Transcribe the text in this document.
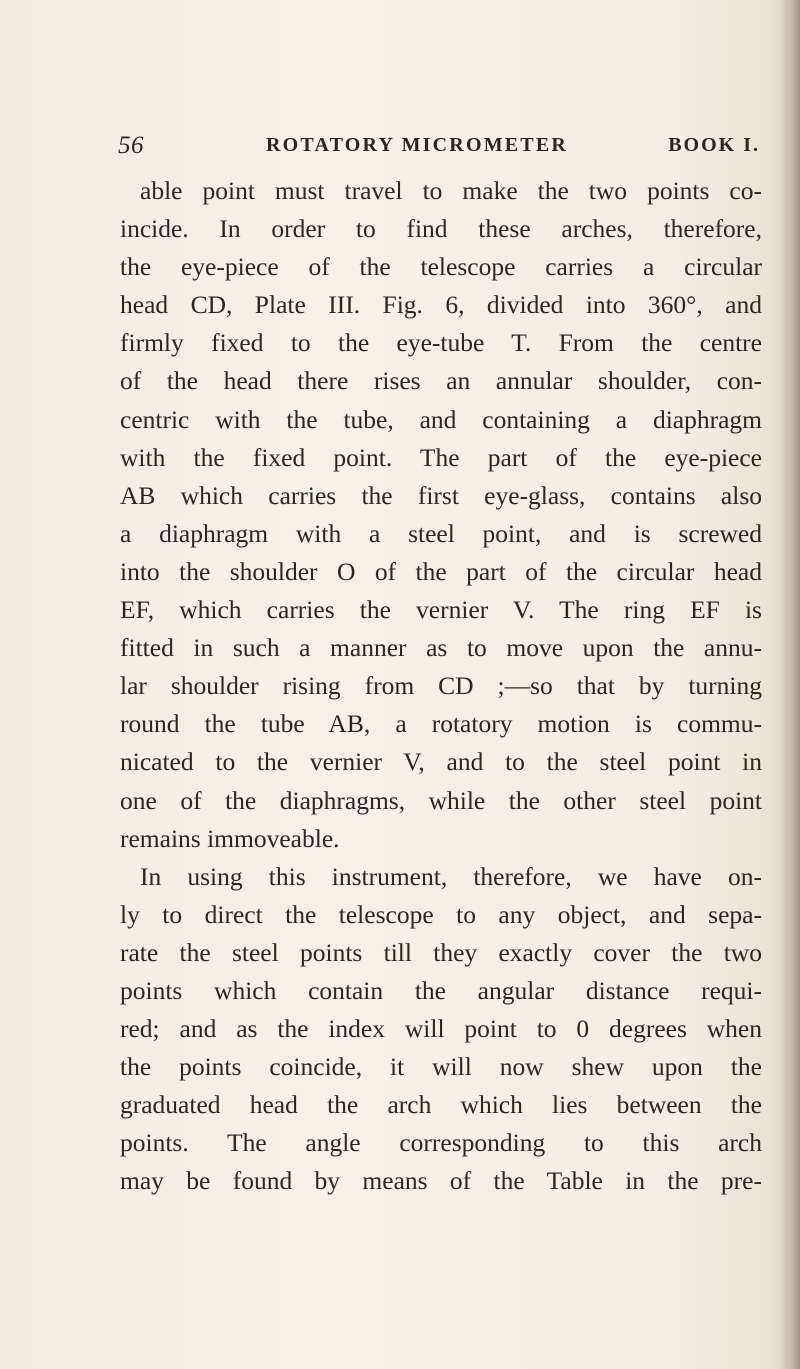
56	ROTATORY MICROMETER	BOOK I.
able point must travel to make the two points co-
incide. In order to find these arches, therefore,
the eye-piece of the telescope carries a circular
head CD, Plate III. Fig. 6, divided into 360°, and
firmly fixed to the eye-tube T. From the centre
of the head there rises an annular shoulder, con-
centric with the tube, and containing a diaphragm
with the fixed point. The part of the eye-piece
AB which carries the first eye-glass, contains also
a diaphragm with a steel point, and is screwed
into the shoulder O of the part of the circular head
EF, which carries the vernier V. The ring EF is
fitted in such a manner as to move upon the annu-
lar shoulder rising from CD ;—so that by turning
round the tube AB, a rotatory motion is commu-
nicated to the vernier V, and to the steel point in
one of the diaphragms, while the other steel point
remains immoveable.
In using this instrument, therefore, we have on-
ly to direct the telescope to any object, and sepa-
rate the steel points till they exactly cover the two
points which contain the angular distance requi-
red; and as the index will point to 0 degrees when
the points coincide, it will now shew upon the
graduated head the arch which lies between the
points. The angle corresponding to this arch
may be found by means of the Table in the pre-
